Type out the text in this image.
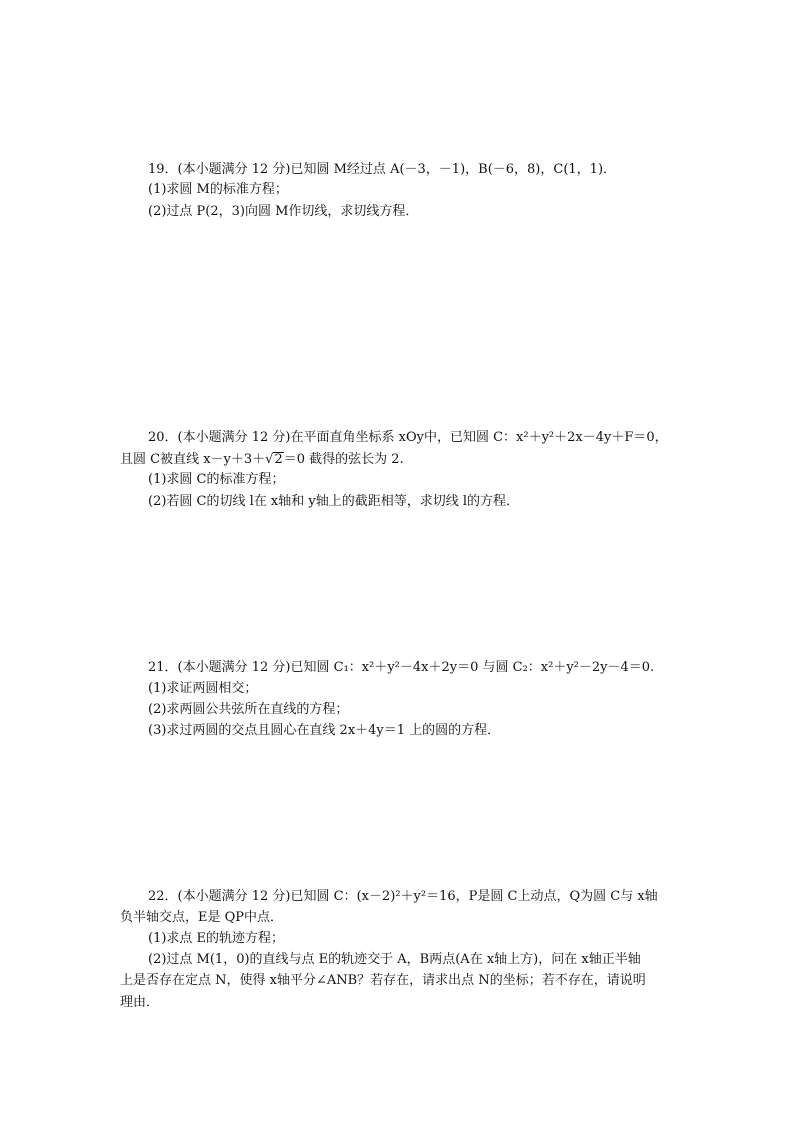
19．(本小题满分 12 分)已知圆 M经过点 A(－3，－1)，B(－6，8)，C(1，1)．
(1)求圆 M的标准方程；
(2)过点 P(2，3)向圆 M作切线，求切线方程．
20．(本小题满分 12 分)在平面直角坐标系 xOy中，已知圆 C：x²＋y²＋2x－4y＋F＝0，
且圆 C被直线 x－y＋3＋√2＝0 截得的弦长为 2.
(1)求圆 C的标准方程；
(2)若圆 C的切线 l在 x轴和 y轴上的截距相等，求切线 l的方程．
21．(本小题满分 12 分)已知圆 C₁：x²＋y²－4x＋2y＝0 与圆 C₂：x²＋y²－2y－4＝0.
(1)求证两圆相交；
(2)求两圆公共弦所在直线的方程；
(3)求过两圆的交点且圆心在直线 2x＋4y＝1 上的圆的方程．
22．(本小题满分 12 分)已知圆 C：(x－2)²＋y²＝16，P是圆 C上动点，Q为圆 C与 x轴
负半轴交点，E是 QP中点．
(1)求点 E的轨迹方程；
(2)过点 M(1，0)的直线与点 E的轨迹交于 A，B两点(A在 x轴上方)，问在 x轴正半轴
上是否存在定点 N，使得 x轴平分∠ANB？若存在，请求出点 N的坐标；若不存在，请说明
理由．
